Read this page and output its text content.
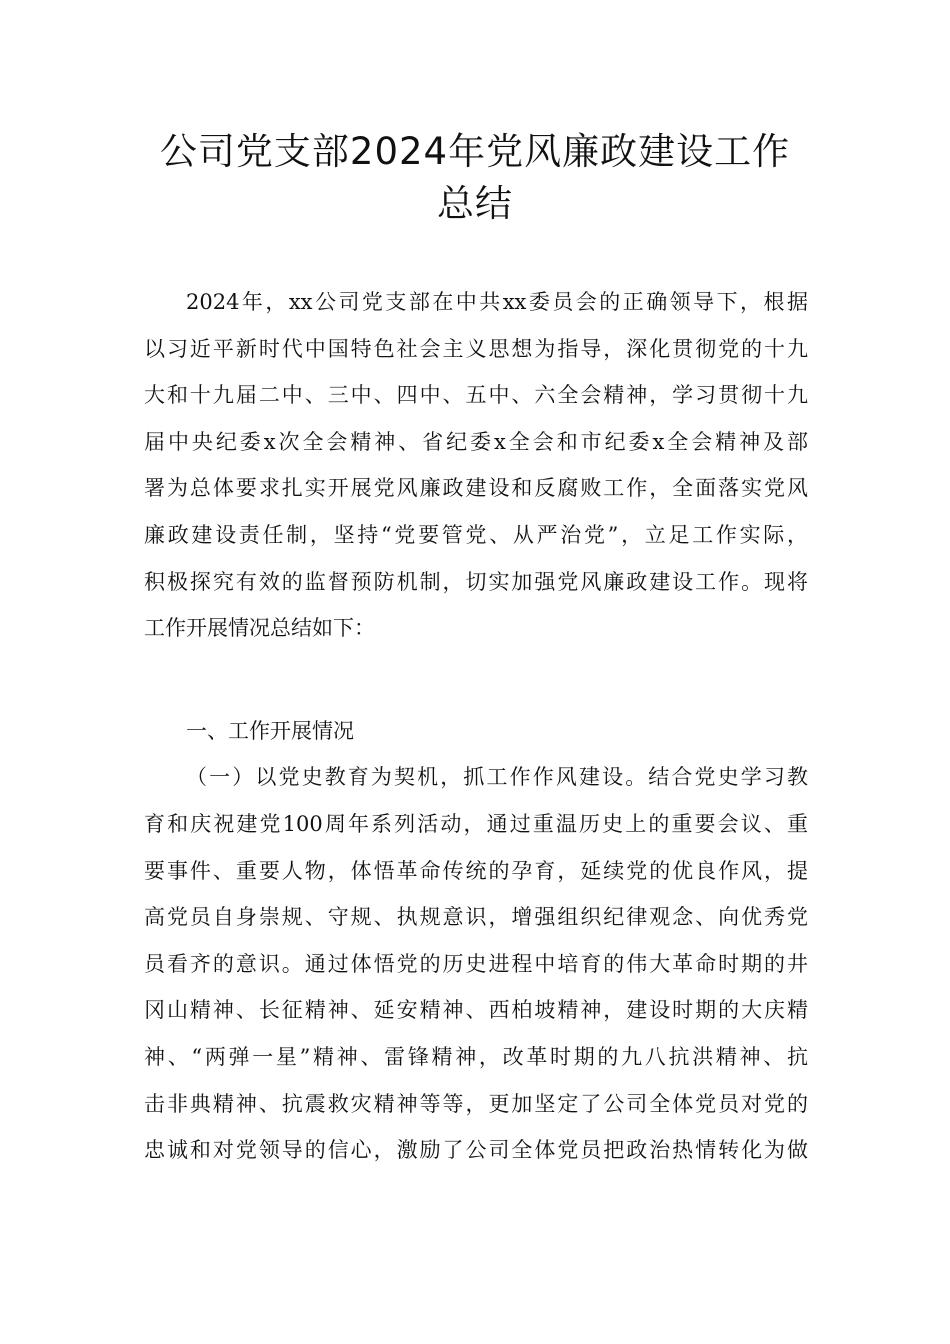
公司党支部2024年党风廉政建设工作
总结
2024年，xx公司党支部在中共xx委员会的正确领导下，根据
以习近平新时代中国特色社会主义思想为指导，深化贯彻党的十九
大和十九届二中、三中、四中、五中、六全会精神，学习贯彻十九
届中央纪委x次全会精神、省纪委x全会和市纪委x全会精神及部
署为总体要求扎实开展党风廉政建设和反腐败工作，全面落实党风
廉政建设责任制，坚持“党要管党、从严治党”，立足工作实际，
积极探究有效的监督预防机制，切实加强党风廉政建设工作。现将
工作开展情况总结如下：
一、工作开展情况
（一）以党史教育为契机，抓工作作风建设。结合党史学习教
育和庆祝建党100周年系列活动，通过重温历史上的重要会议、重
要事件、重要人物，体悟革命传统的孕育，延续党的优良作风，提
高党员自身崇规、守规、执规意识，增强组织纪律观念、向优秀党
员看齐的意识。通过体悟党的历史进程中培育的伟大革命时期的井
冈山精神、长征精神、延安精神、西柏坡精神，建设时期的大庆精
神、“两弹一星”精神、雷锋精神，改革时期的九八抗洪精神、抗
击非典精神、抗震救灾精神等等，更加坚定了公司全体党员对党的
忠诚和对党领导的信心，激励了公司全体党员把政治热情转化为做
